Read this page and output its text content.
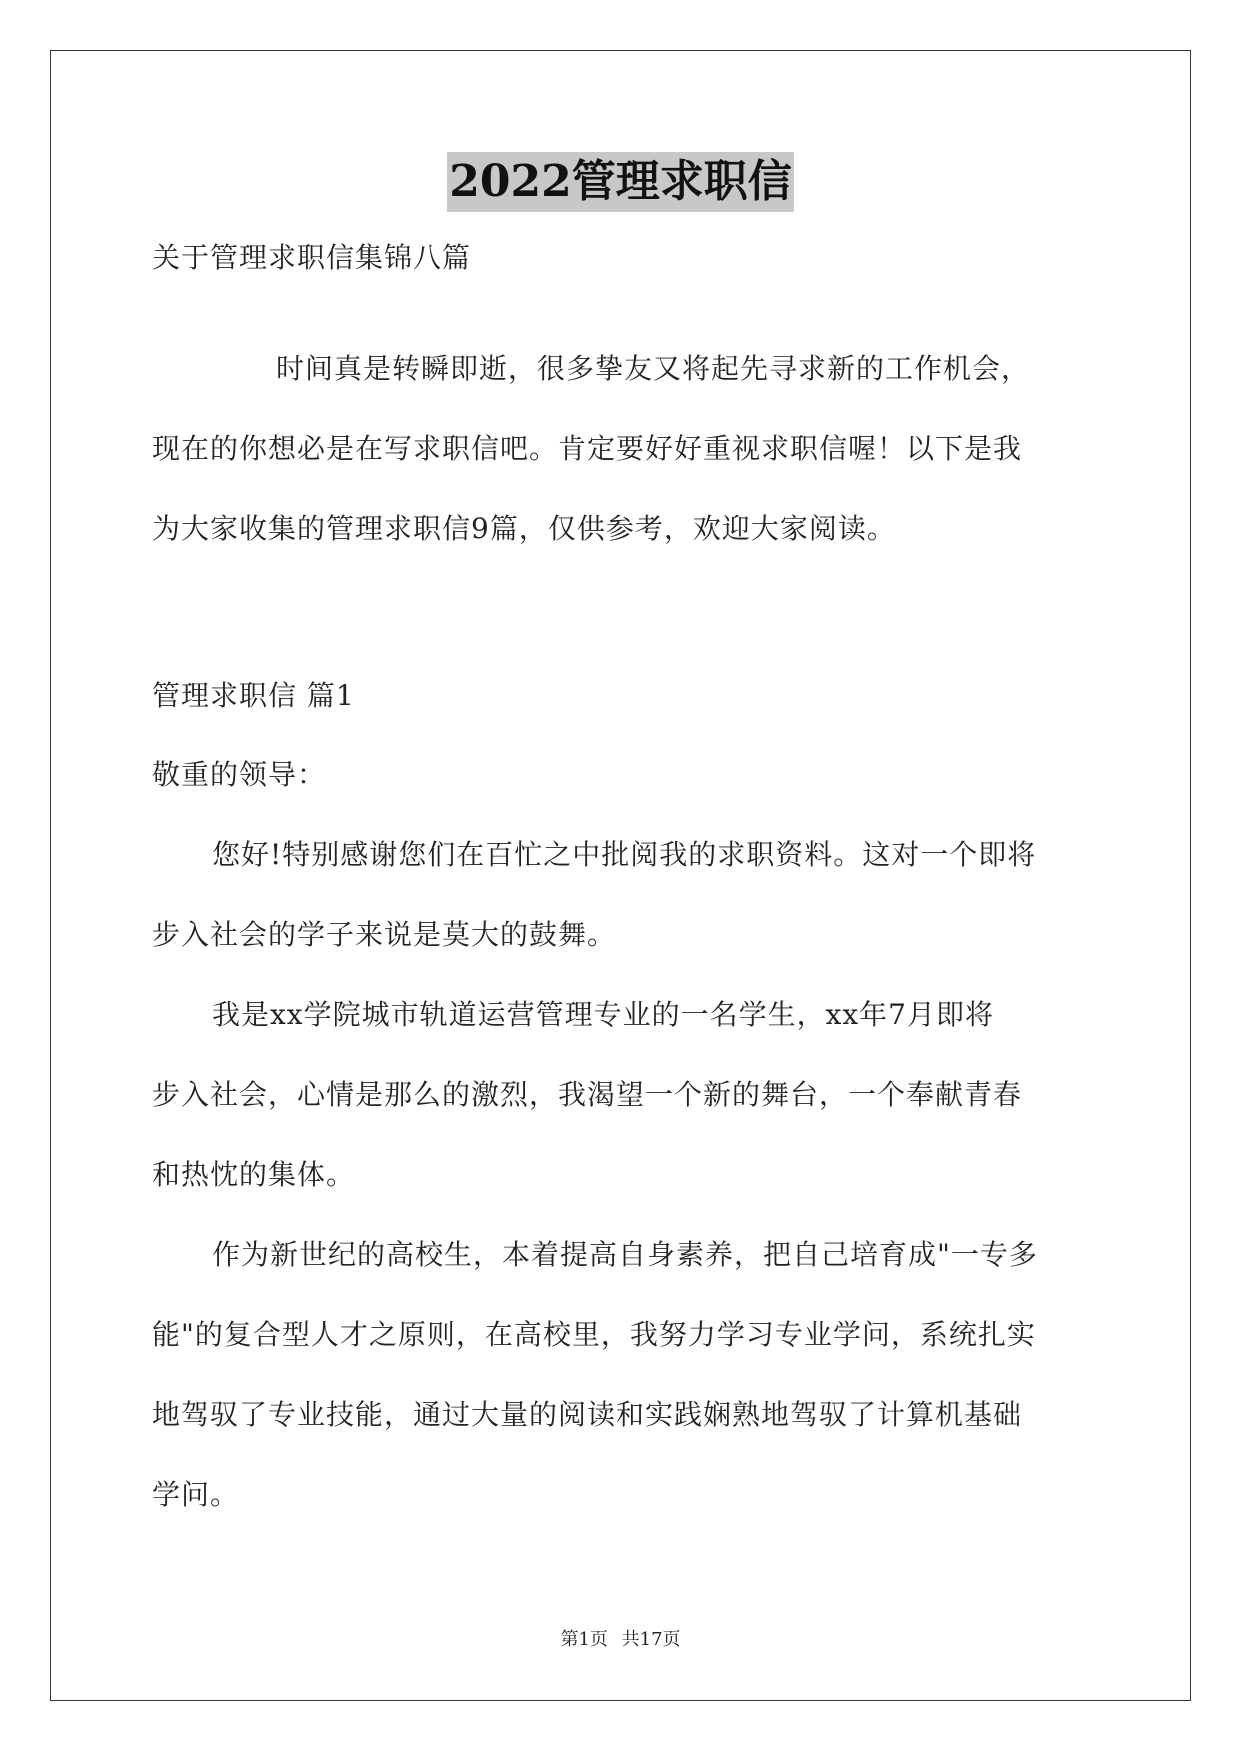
2022管理求职信
关于管理求职信集锦八篇
时间真是转瞬即逝，很多挚友又将起先寻求新的工作机会，
现在的你想必是在写求职信吧。肯定要好好重视求职信喔！以下是我
为大家收集的管理求职信9篇，仅供参考，欢迎大家阅读。
管理求职信 篇1
敬重的领导：
您好!特别感谢您们在百忙之中批阅我的求职资料。这对一个即将
步入社会的学子来说是莫大的鼓舞。
我是xx学院城市轨道运营管理专业的一名学生，xx年7月即将
步入社会，心情是那么的激烈，我渴望一个新的舞台，一个奉献青春
和热忱的集体。
作为新世纪的高校生，本着提高自身素养，把自己培育成"一专多
能"的复合型人才之原则，在高校里，我努力学习专业学问，系统扎实
地驾驭了专业技能，通过大量的阅读和实践娴熟地驾驭了计算机基础
学问。
第1页 共17页
